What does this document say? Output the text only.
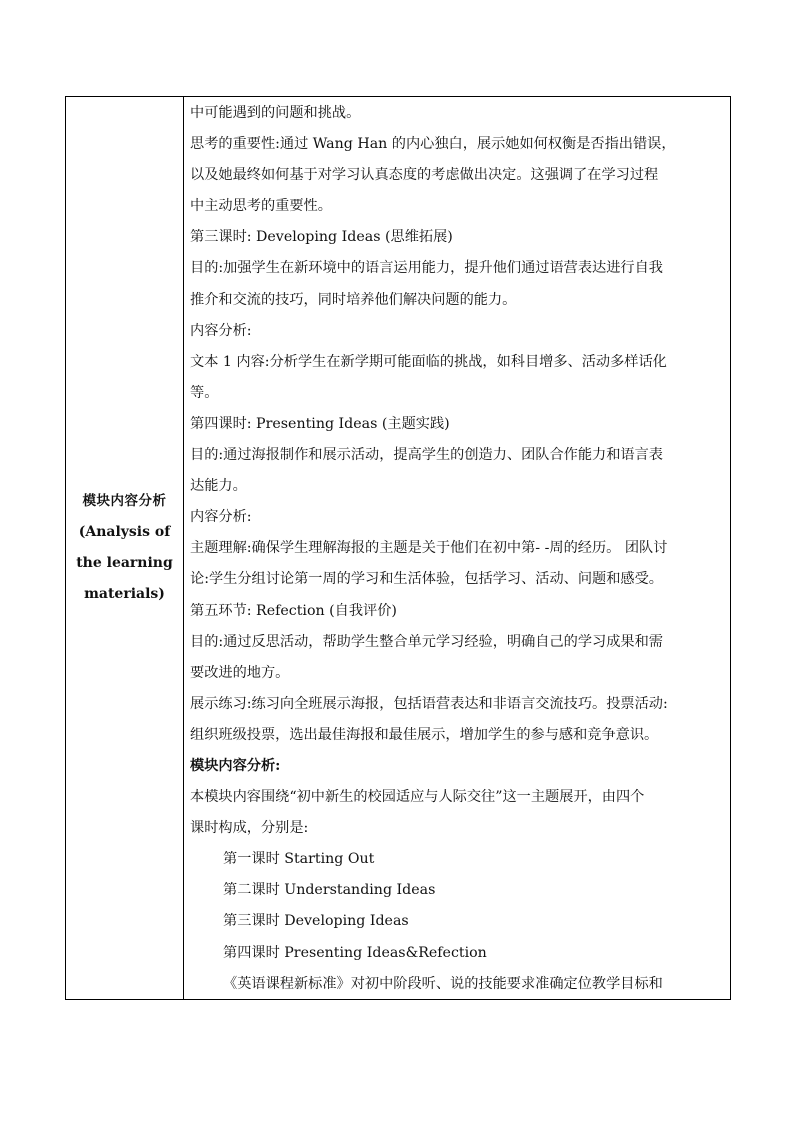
模块内容分析
(Analysis of
the learning
materials)
中可能遇到的问题和挑战。
思考的重要性:通过 Wang Han 的内心独白，展示她如何权衡是否指出错误，
以及她最终如何基于对学习认真态度的考虑做出决定。这强调了在学习过程
中主动思考的重要性。
第三课时: Developing Ideas (思维拓展)
目的:加强学生在新环境中的语言运用能力，提升他们通过语营表达进行自我
推介和交流的技巧，同时培养他们解决问题的能力。
内容分析:
文本 1 内容:分析学生在新学期可能面临的挑战，如科目增多、活动多样话化
等。
第四课时: Presenting Ideas (主题实践)
目的:通过海报制作和展示活动，提高学生的创造力、团队合作能力和语言表
达能力。
内容分析:
主题理解:确保学生理解海报的主题是关于他们在初中第- -周的经历。 团队讨
论:学生分组讨论第一周的学习和生活体验，包括学习、活动、问题和感受。
第五环节: Refection (自我评价)
目的:通过反思活动，帮助学生整合单元学习经验，明确自己的学习成果和需
要改进的地方。
展示练习:练习向全班展示海报，包括语营表达和非语言交流技巧。投票活动:
组织班级投票，选出最佳海报和最佳展示，增加学生的参与感和竞争意识。
模块内容分析:
本模块内容围绕“初中新生的校园适应与人际交往”这一主题展开，由四个
课时构成，分别是:
第一课时 Starting Out
第二课时 Understanding Ideas
第三课时 Developing Ideas
第四课时 Presenting Ideas&Refection
《英语课程新标准》对初中阶段听、说的技能要求准确定位教学目标和
